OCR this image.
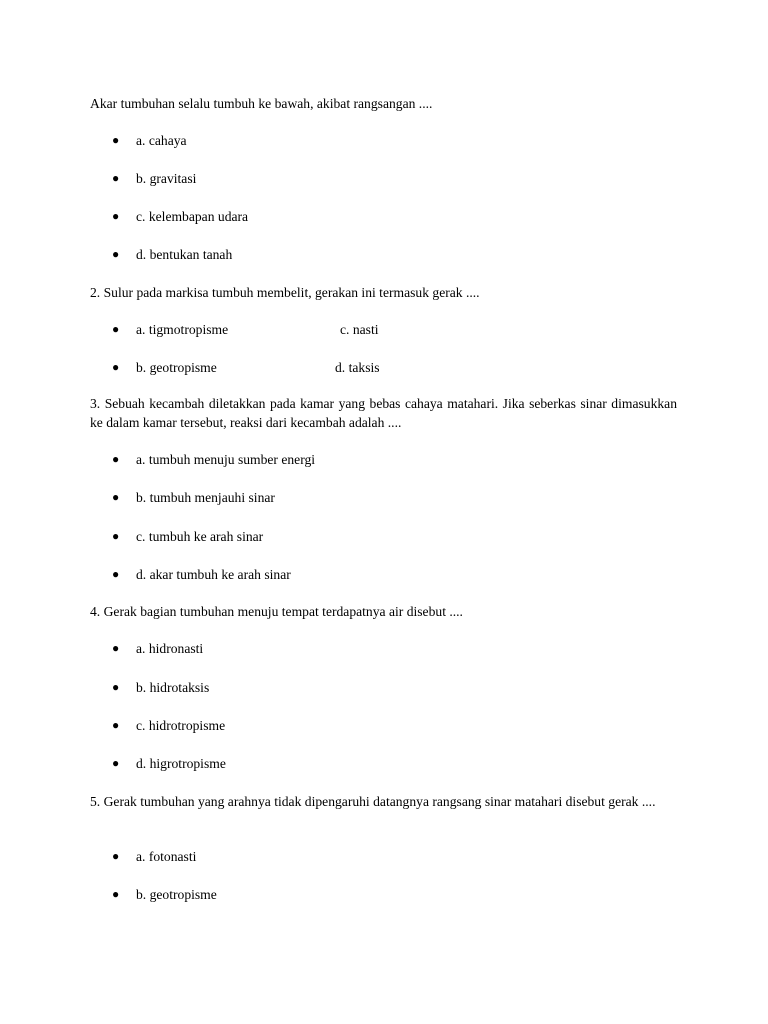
Akar tumbuhan selalu tumbuh ke bawah, akibat rangsangan ....

● a. cahaya
● b. gravitasi
● c. kelembapan udara
● d. bentukan tanah

2. Sulur pada markisa tumbuh membelit, gerakan ini termasuk gerak ....

● a. tigmotropisme	c. nasti
● b. geotropisme	d. taksis

3. Sebuah kecambah diletakkan pada kamar yang bebas cahaya matahari. Jika seberkas sinar dimasukkan ke dalam kamar tersebut, reaksi dari kecambah adalah ....

● a. tumbuh menuju sumber energi
● b. tumbuh menjauhi sinar
● c. tumbuh ke arah sinar
● d. akar tumbuh ke arah sinar

4. Gerak bagian tumbuhan menuju tempat terdapatnya air disebut ....

● a. hidronasti
● b. hidrotaksis
● c. hidrotropisme
● d. higrotropisme

5. Gerak tumbuhan yang arahnya tidak dipengaruhi datangnya rangsang sinar matahari disebut gerak ....

● a. fotonasti
● b. geotropisme
